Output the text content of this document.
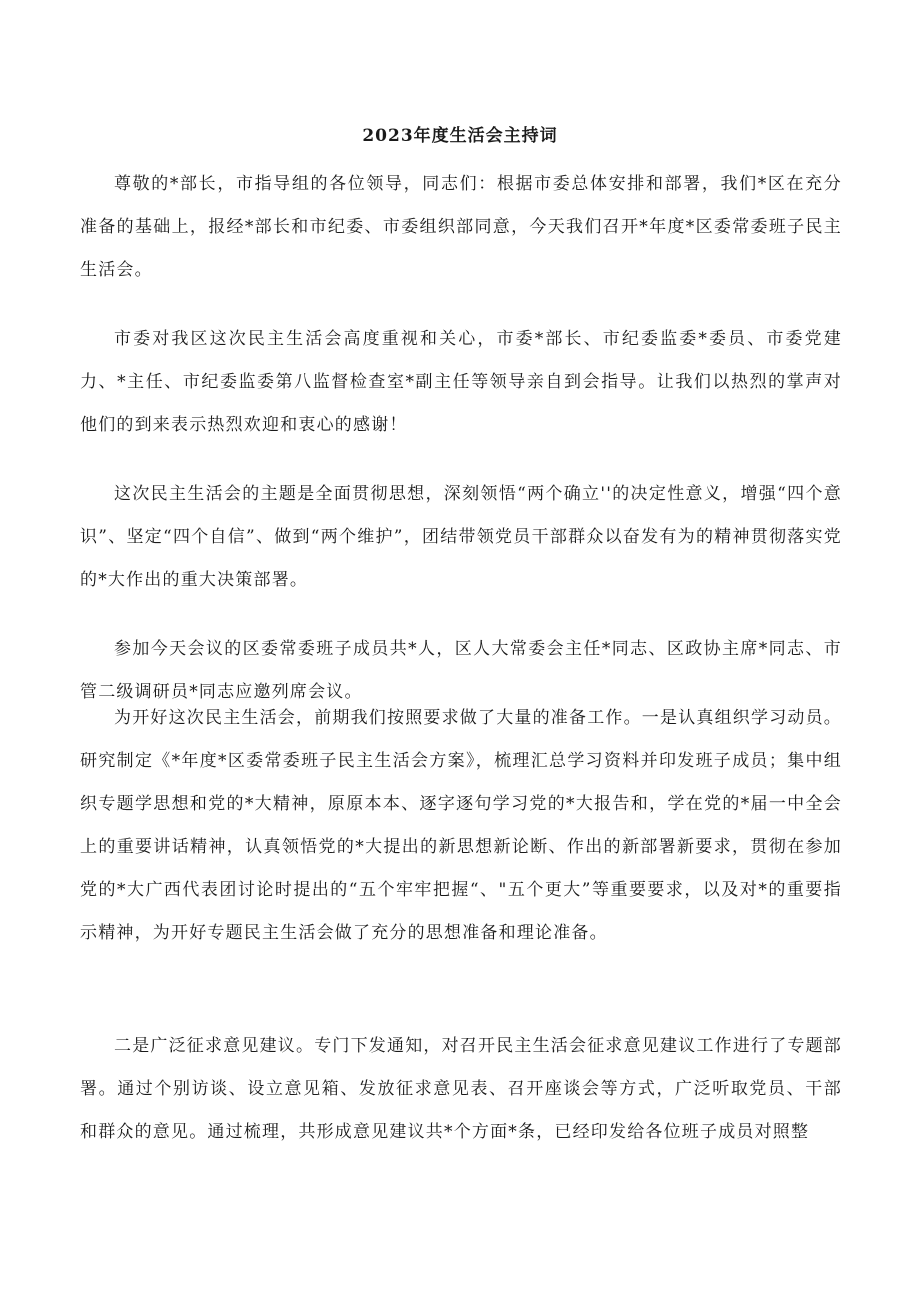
2023年度生活会主持词

尊敬的*部长，市指导组的各位领导，同志们：根据市委总体安排和部署，我们*区在充分准备的基础上，报经*部长和市纪委、市委组织部同意，今天我们召开*年度*区委常委班子民主生活会。

市委对我区这次民主生活会高度重视和关心，市委*部长、市纪委监委*委员、市委党建力、*主任、市纪委监委第八监督检查室*副主任等领导亲自到会指导。让我们以热烈的掌声对他们的到来表示热烈欢迎和衷心的感谢！

这次民主生活会的主题是全面贯彻思想，深刻领悟“两个确立''的决定性意义，增强“四个意识”、坚定“四个自信”、做到“两个维护”，团结带领党员干部群众以奋发有为的精神贯彻落实党的*大作出的重大决策部署。

参加今天会议的区委常委班子成员共*人，区人大常委会主任*同志、区政协主席*同志、市管二级调研员*同志应邀列席会议。

为开好这次民主生活会，前期我们按照要求做了大量的准备工作。一是认真组织学习动员。研究制定《*年度*区委常委班子民主生活会方案》，梳理汇总学习资料并印发班子成员；集中组织专题学思想和党的*大精神，原原本本、逐字逐句学习党的*大报告和，学在党的*届一中全会上的重要讲话精神，认真领悟党的*大提出的新思想新论断、作出的新部署新要求，贯彻在参加党的*大广西代表团讨论时提出的“五个牢牢把握“、"五个更大”等重要要求，以及对*的重要指示精神，为开好专题民主生活会做了充分的思想准备和理论准备。

二是广泛征求意见建议。专门下发通知，对召开民主生活会征求意见建议工作进行了专题部署。通过个别访谈、设立意见箱、发放征求意见表、召开座谈会等方式，广泛听取党员、干部和群众的意见。通过梳理，共形成意见建议共*个方面*条，已经印发给各位班子成员对照整
